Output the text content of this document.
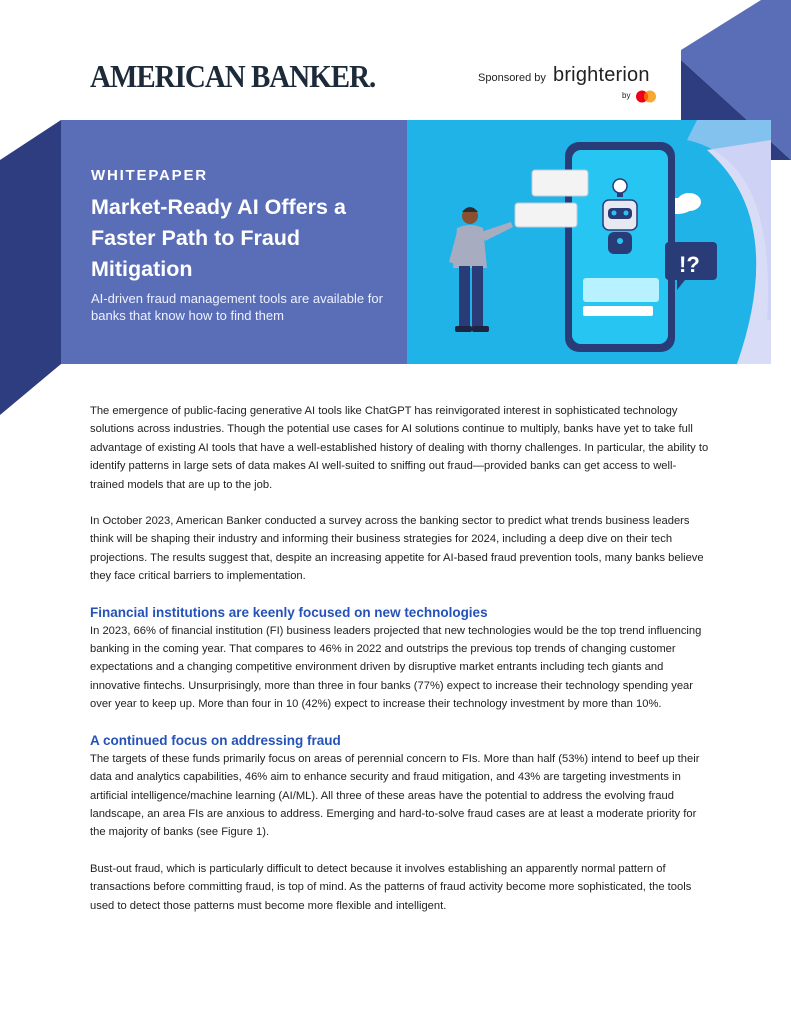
AMERICAN BANKER.	Sponsored by brighterion
by
WHITEPAPER
Market-Ready AI Offers a Faster Path to Fraud Mitigation
AI-driven fraud management tools are available for banks that know how to find them
!?

The emergence of public-facing generative AI tools like ChatGPT has reinvigorated interest in sophisticated technology solutions across industries. Though the potential use cases for AI solutions continue to multiply, banks have yet to take full advantage of existing AI tools that have a well-established history of dealing with thorny challenges. In particular, the ability to identify patterns in large sets of data makes AI well-suited to sniffing out fraud—provided banks can get access to well-trained models that are up to the job.

In October 2023, American Banker conducted a survey across the banking sector to predict what trends business leaders think will be shaping their industry and informing their business strategies for 2024, including a deep dive on their tech projections. The results suggest that, despite an increasing appetite for AI-based fraud prevention tools, many banks believe they face critical barriers to implementation.

Financial institutions are keenly focused on new technologies

In 2023, 66% of financial institution (FI) business leaders projected that new technologies would be the top trend influencing banking in the coming year. That compares to 46% in 2022 and outstrips the previous top trends of changing customer expectations and a changing competitive environment driven by disruptive market entrants including tech giants and innovative fintechs. Unsurprisingly, more than three in four banks (77%) expect to increase their technology spending year over year to keep up. More than four in 10 (42%) expect to increase their technology investment by more than 10%.

A continued focus on addressing fraud

The targets of these funds primarily focus on areas of perennial concern to FIs. More than half (53%) intend to beef up their data and analytics capabilities, 46% aim to enhance security and fraud mitigation, and 43% are targeting investments in artificial intelligence/machine learning (AI/ML). All three of these areas have the potential to address the evolving fraud landscape, an area FIs are anxious to address. Emerging and hard-to-solve fraud cases are at least a moderate priority for the majority of banks (see Figure 1).

Bust-out fraud, which is particularly difficult to detect because it involves establishing an apparently normal pattern of transactions before committing fraud, is top of mind. As the patterns of fraud activity become more sophisticated, the tools used to detect those patterns must become more flexible and intelligent.
